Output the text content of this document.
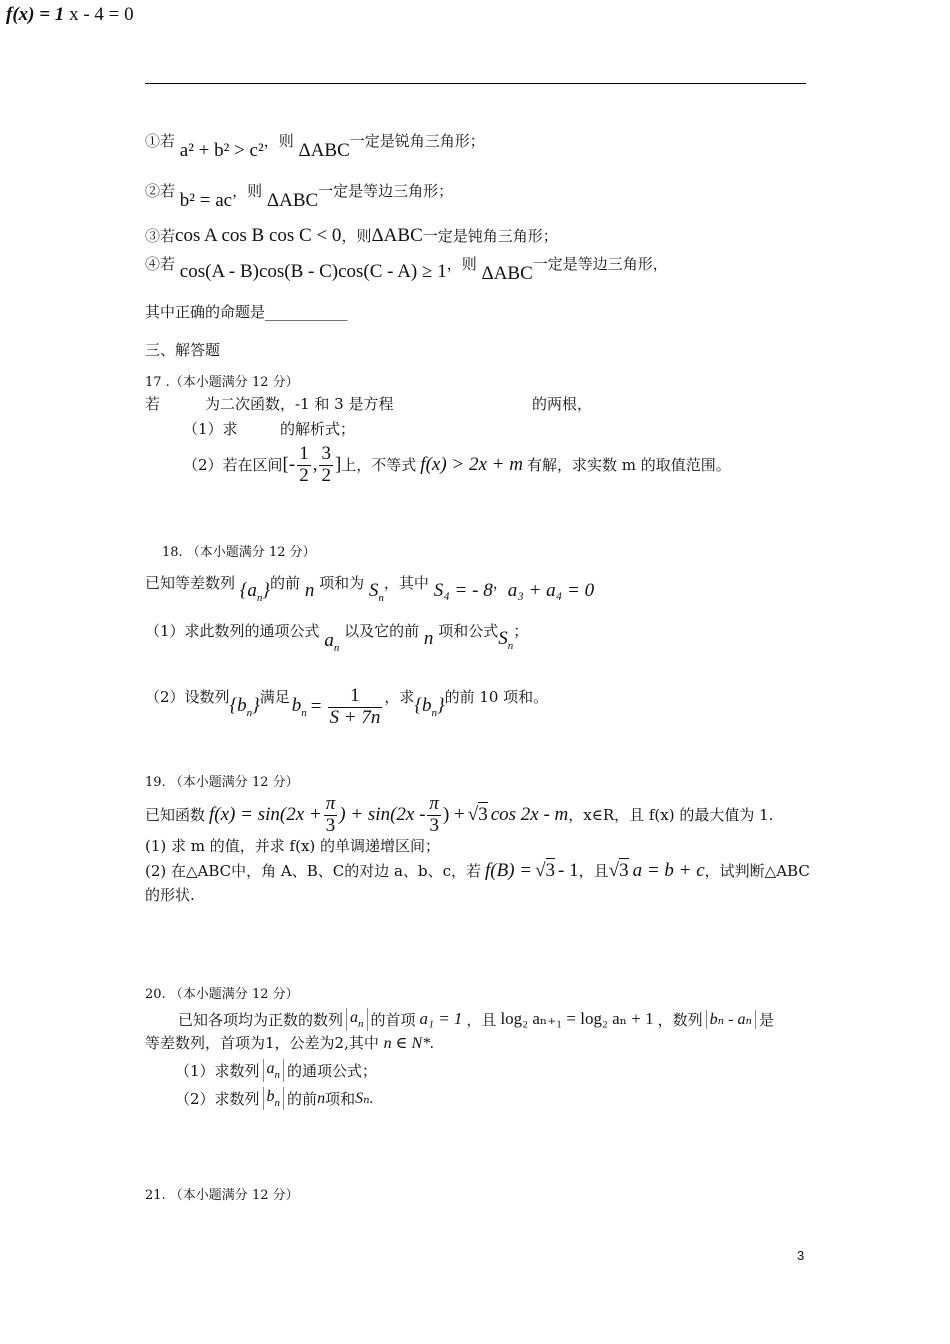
f(x) = 1 x - 4 = 0
①若 a² + b² > c²，则 ΔABC一定是锐角三角形；
②若 b² = ac，则 ΔABC一定是等边三角形；
③若cos A cos B cos C < 0，则ΔABC一定是钝角三角形；
④若 cos(A - B)cos(B - C)cos(C - A) ≥ 1，则 ΔABC一定是等边三角形，
其中正确的命题是___________
三、解答题
17 .（本小题满分 12 分）
若	为二次函数，-1 和 3 是方程	的两根，
（1）求	的解析式；
（2）若在区间 [- $\frac{1}{2}$ , $\frac{3}{2}$ ] 上，不等式 f(x) > 2x + m 有解，求实数 m 的取值范围。
18. （本小题满分 12 分）
已知等差数列 $\{a_n\}$的前 n 项和为 $S_n$，其中 S₄ = - 8，a₃ + a₄ = 0
（1）求此数列的通项公式 $a_n$ 以及它的前 n 项和公式$S_n$；
（2）设数列 $\{b_n\}$ 满足 $b_n = \frac{1}{S + 7n}$ ，求 $\{b_n\}$ 的前 10 项和。
19. （本小题满分 12 分）
已知函数 $f(x) = \sin(2x + \frac{\pi}{3}$ ) + $\sin(2x - \frac{\pi}{3}$ ) + √3 cos 2x - m ，x∈R，且 f(x) 的最大值为 1.
(1) 求 m 的值，并求 f(x) 的单调递增区间；
(2) 在△ABC中，角 A、B、C的对边 a、b、c，若 f(B) = √3 - 1 ，且 √3 a = b + c ，试判断△ABC
的形状.
20. （本小题满分 12 分）
已知各项均为正数的数列 $a_n$ 的首项 a₁ = 1 ，且 log₂ aₙ₊₁ = log₂ aₙ + 1 ，数列 bₙ - aₙ 是
等差数列，首项为1，公差为2,其中 n ∈ N*.
（1）求数列 $a_n$ 的通项公式；
（2）求数列 $b_n$ 的前 n 项和 Sₙ.
21. （本小题满分 12 分）
3
